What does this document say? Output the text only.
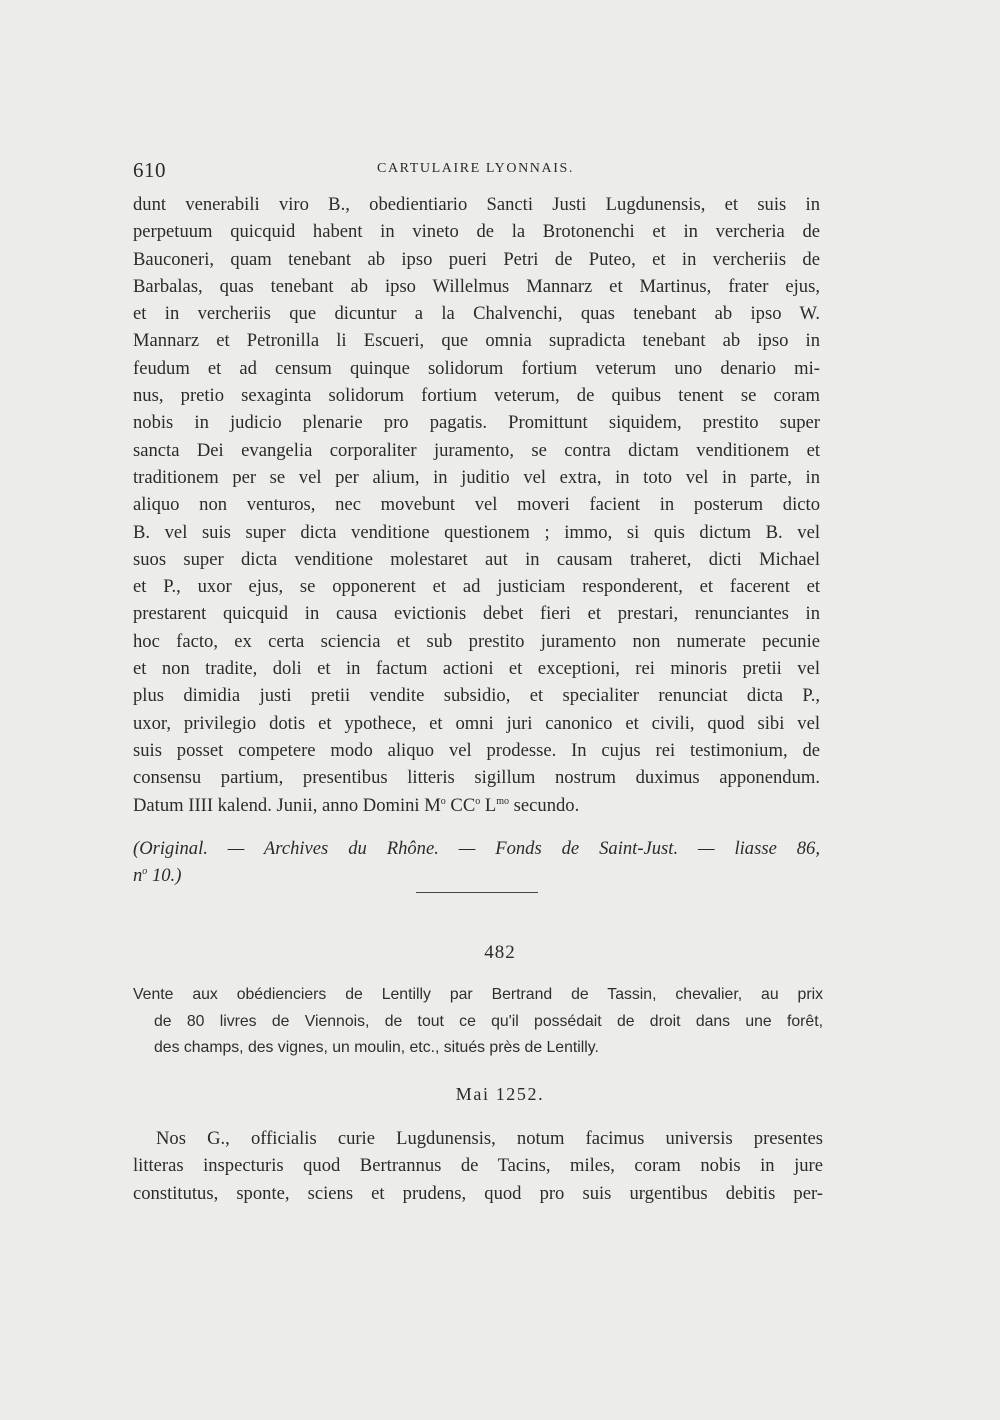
610	CARTULAIRE LYONNAIS.
dunt venerabili viro B., obedientiario Sancti Justi Lugdunensis, et suis in
perpetuum quicquid habent in vineto de la Brotonenchi et in vercheria de
Bauconeri, quam tenebant ab ipso pueri Petri de Puteo, et in vercheriis de
Barbalas, quas tenebant ab ipso Willelmus Mannarz et Martinus, frater ejus,
et in vercheriis que dicuntur a la Chalvenchi, quas tenebant ab ipso W.
Mannarz et Petronilla li Escueri, que omnia supradicta tenebant ab ipso in
feudum et ad censum quinque solidorum fortium veterum uno denario mi-
nus, pretio sexaginta solidorum fortium veterum, de quibus tenent se coram
nobis in judicio plenarie pro pagatis. Promittunt siquidem, prestito super
sancta Dei evangelia corporaliter juramento, se contra dictam venditionem et
traditionem per se vel per alium, in juditio vel extra, in toto vel in parte, in
aliquo non venturos, nec movebunt vel moveri facient in posterum dicto
B. vel suis super dicta venditione questionem ; immo, si quis dictum B. vel
suos super dicta venditione molestaret aut in causam traheret, dicti Michael
et P., uxor ejus, se opponerent et ad justiciam responderent, et facerent et
prestarent quicquid in causa evictionis debet fieri et prestari, renunciantes in
hoc facto, ex certa sciencia et sub prestito juramento non numerate pecunie
et non tradite, doli et in factum actioni et exceptioni, rei minoris pretii vel
plus dimidia justi pretii vendite subsidio, et specialiter renunciat dicta P.,
uxor, privilegio dotis et ypothece, et omni juri canonico et civili, quod sibi vel
suis posset competere modo aliquo vel prodesse. In cujus rei testimonium, de
consensu partium, presentibus litteris sigillum nostrum duximus apponendum.
Datum IIII kalend. Junii, anno Domini $M^o$ $CC^o$ $L^{mo}$ secundo.
(Original. — Archives du Rhône. — Fonds de Saint-Just. — liasse 86,
$n^o$ 10.)
482
Vente aux obédienciers de Lentilly par Bertrand de Tassin, chevalier, au prix
de 80 livres de Viennois, de tout ce qu'il possédait de droit dans une forêt,
des champs, des vignes, un moulin, etc., situés près de Lentilly.
Mai 1252.
Nos G., officialis curie Lugdunensis, notum facimus universis presentes
litteras inspecturis quod Bertrannus de Tacins, miles, coram nobis in jure
constitutus, sponte, sciens et prudens, quod pro suis urgentibus debitis per-
